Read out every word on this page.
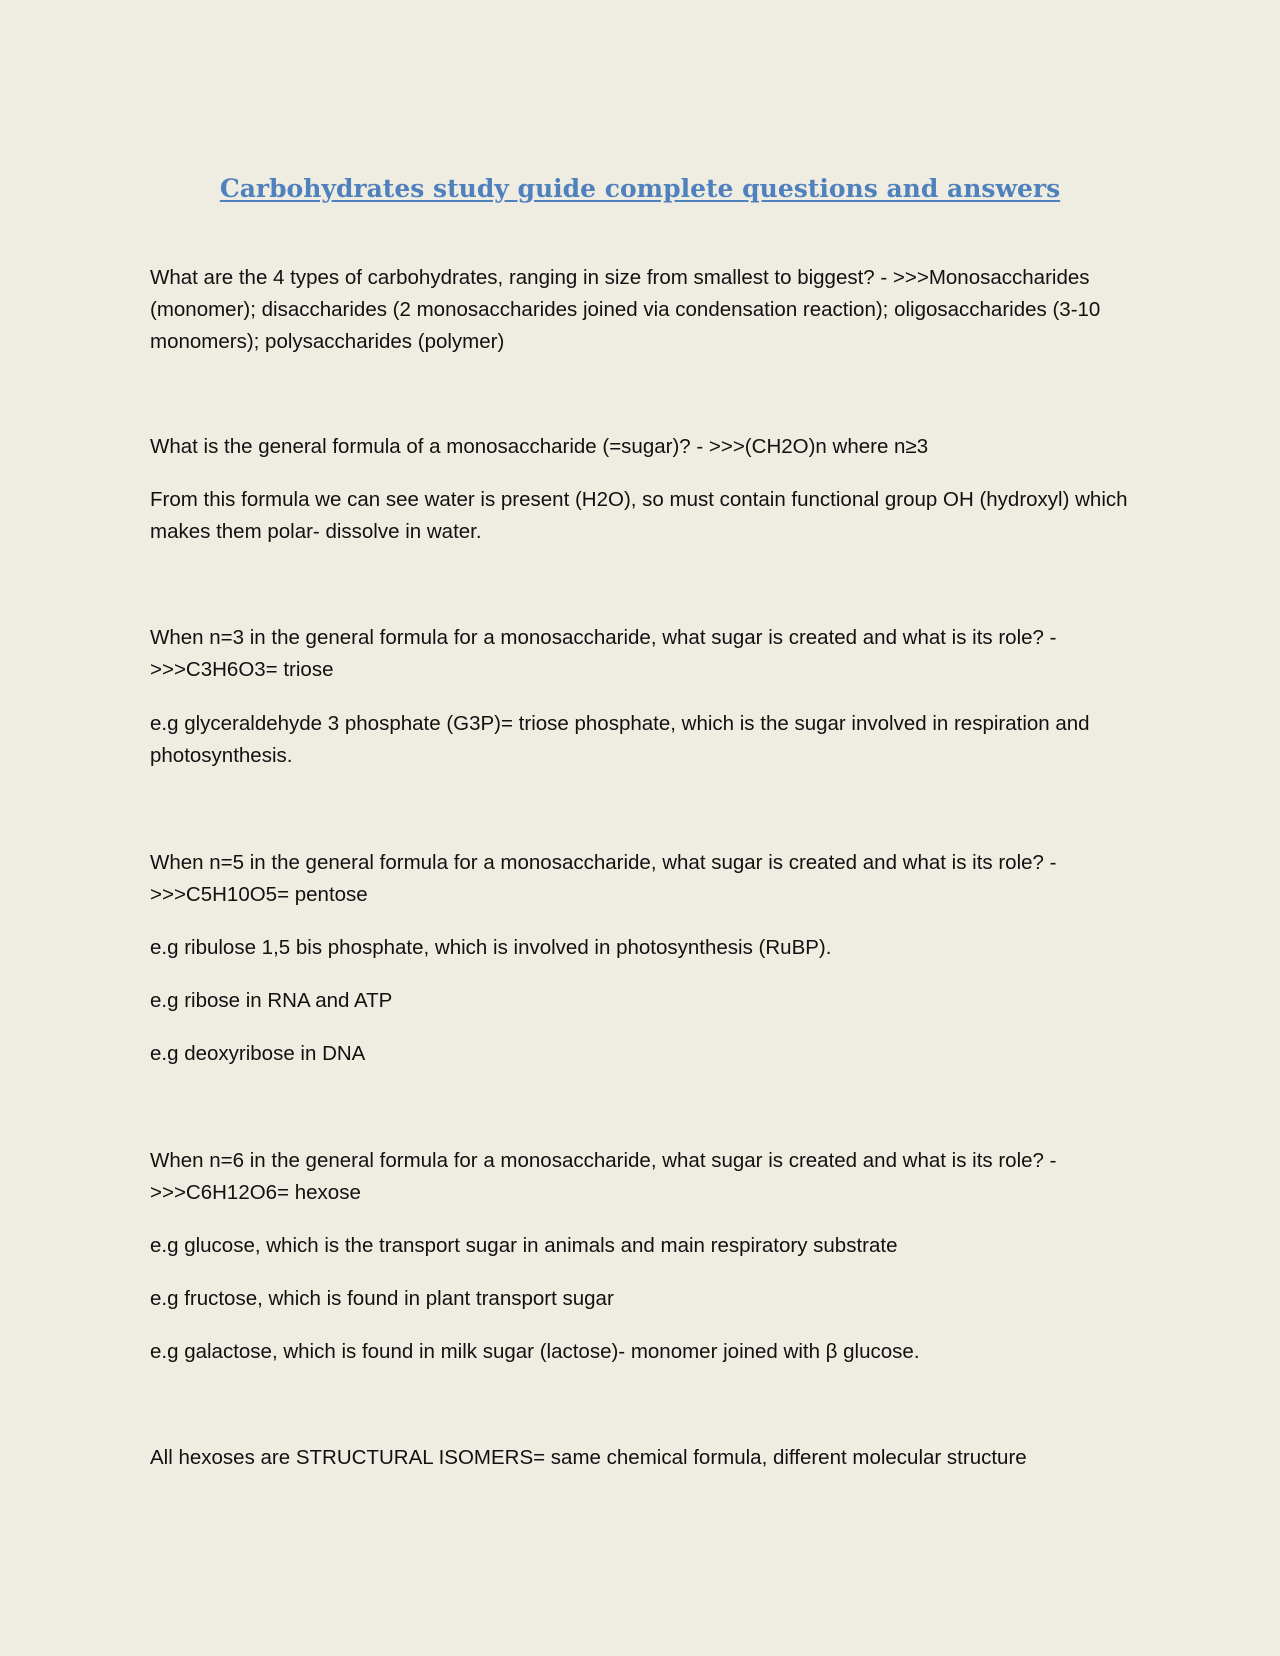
Carbohydrates study guide complete questions and answers

What are the 4 types of carbohydrates, ranging in size from smallest to biggest? - >>>Monosaccharides (monomer); disaccharides (2 monosaccharides joined via condensation reaction); oligosaccharides (3-10 monomers); polysaccharides (polymer)

What is the general formula of a monosaccharide (=sugar)? - >>>(CH2O)n where n≥3

From this formula we can see water is present (H2O), so must contain functional group OH (hydroxyl) which makes them polar- dissolve in water.

When n=3 in the general formula for a monosaccharide, what sugar is created and what is its role? - >>>C3H6O3= triose

e.g glyceraldehyde 3 phosphate (G3P)= triose phosphate, which is the sugar involved in respiration and photosynthesis.

When n=5 in the general formula for a monosaccharide, what sugar is created and what is its role? - >>>C5H10O5= pentose

e.g ribulose 1,5 bis phosphate, which is involved in photosynthesis (RuBP).

e.g ribose in RNA and ATP

e.g deoxyribose in DNA

When n=6 in the general formula for a monosaccharide, what sugar is created and what is its role? - >>>C6H12O6= hexose

e.g glucose, which is the transport sugar in animals and main respiratory substrate

e.g fructose, which is found in plant transport sugar

e.g galactose, which is found in milk sugar (lactose)- monomer joined with β glucose.

All hexoses are STRUCTURAL ISOMERS= same chemical formula, different molecular structure
